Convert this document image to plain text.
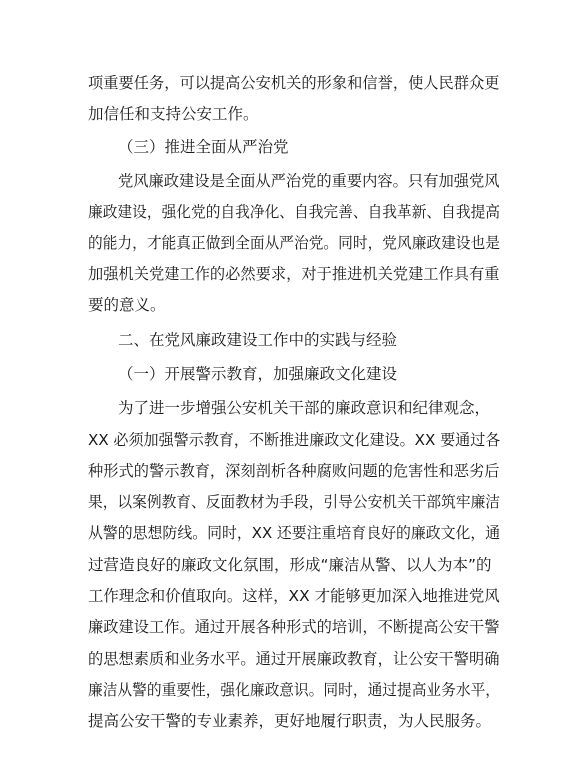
项重要任务，可以提高公安机关的形象和信誉，使人民群众更
加信任和支持公安工作。
（三）推进全面从严治党
党风廉政建设是全面从严治党的重要内容。只有加强党风
廉政建设，强化党的自我净化、自我完善、自我革新、自我提高
的能力，才能真正做到全面从严治党。同时，党风廉政建设也是
加强机关党建工作的必然要求，对于推进机关党建工作具有重
要的意义。
二、在党风廉政建设工作中的实践与经验
（一）开展警示教育，加强廉政文化建设
为了进一步增强公安机关干部的廉政意识和纪律观念，
XX 必须加强警示教育，不断推进廉政文化建设。XX 要通过各
种形式的警示教育，深刻剖析各种腐败问题的危害性和恶劣后
果，以案例教育、反面教材为手段，引导公安机关干部筑牢廉洁
从警的思想防线。同时，XX 还要注重培育良好的廉政文化，通
过营造良好的廉政文化氛围，形成“廉洁从警、以人为本”的
工作理念和价值取向。这样，XX 才能够更加深入地推进党风
廉政建设工作。通过开展各种形式的培训，不断提高公安干警
的思想素质和业务水平。通过开展廉政教育，让公安干警明确
廉洁从警的重要性，强化廉政意识。同时，通过提高业务水平，
提高公安干警的专业素养，更好地履行职责，为人民服务。
